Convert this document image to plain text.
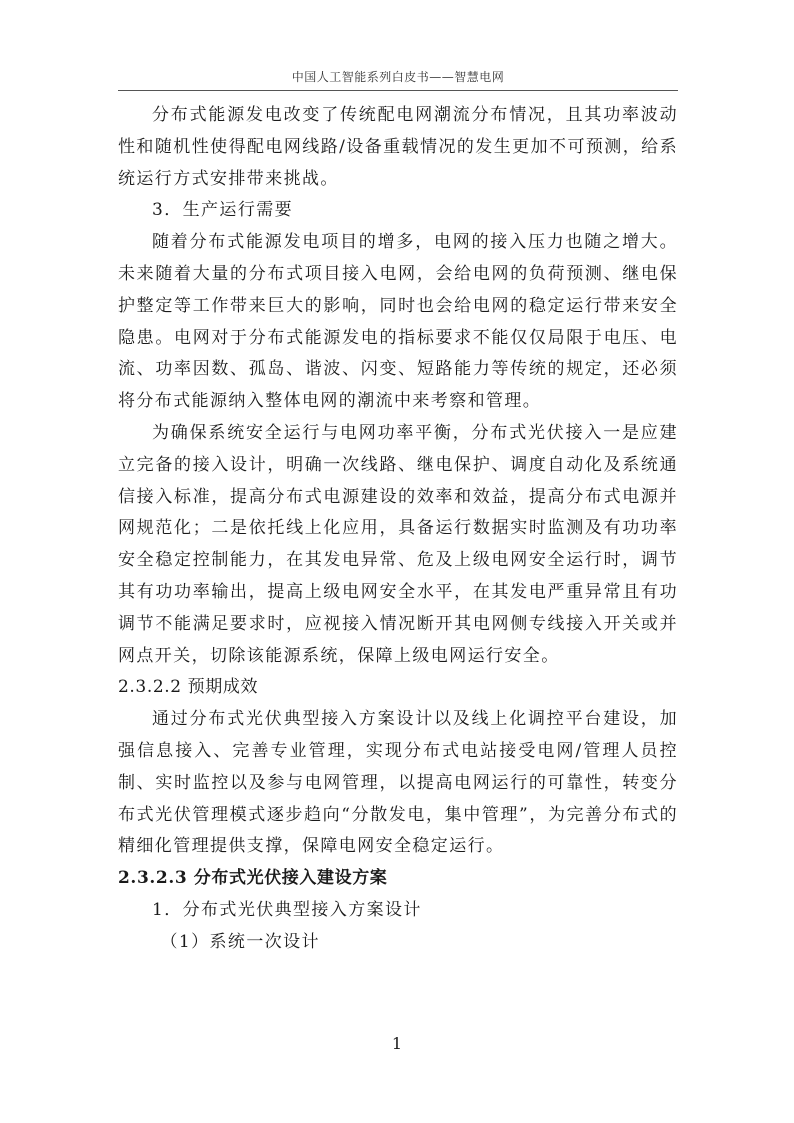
中国人工智能系列白皮书——智慧电网

分布式能源发电改变了传统配电网潮流分布情况，且其功率波动性和随机性使得配电网线路/设备重载情况的发生更加不可预测，给系统运行方式安排带来挑战。

3．生产运行需要

随着分布式能源发电项目的增多，电网的接入压力也随之增大。未来随着大量的分布式项目接入电网，会给电网的负荷预测、继电保护整定等工作带来巨大的影响，同时也会给电网的稳定运行带来安全隐患。电网对于分布式能源发电的指标要求不能仅仅局限于电压、电流、功率因数、孤岛、谐波、闪变、短路能力等传统的规定，还必须将分布式能源纳入整体电网的潮流中来考察和管理。

为确保系统安全运行与电网功率平衡，分布式光伏接入一是应建立完备的接入设计，明确一次线路、继电保护、调度自动化及系统通信接入标准，提高分布式电源建设的效率和效益，提高分布式电源并网规范化；二是依托线上化应用，具备运行数据实时监测及有功功率安全稳定控制能力，在其发电异常、危及上级电网安全运行时，调节其有功功率输出，提高上级电网安全水平，在其发电严重异常且有功调节不能满足要求时，应视接入情况断开其电网侧专线接入开关或并网点开关，切除该能源系统，保障上级电网运行安全。

2.3.2.2 预期成效

通过分布式光伏典型接入方案设计以及线上化调控平台建设，加强信息接入、完善专业管理，实现分布式电站接受电网/管理人员控制、实时监控以及参与电网管理，以提高电网运行的可靠性，转变分布式光伏管理模式逐步趋向“分散发电，集中管理”，为完善分布式的精细化管理提供支撑，保障电网安全稳定运行。

2.3.2.3 分布式光伏接入建设方案

1．分布式光伏典型接入方案设计

（1）系统一次设计

1
